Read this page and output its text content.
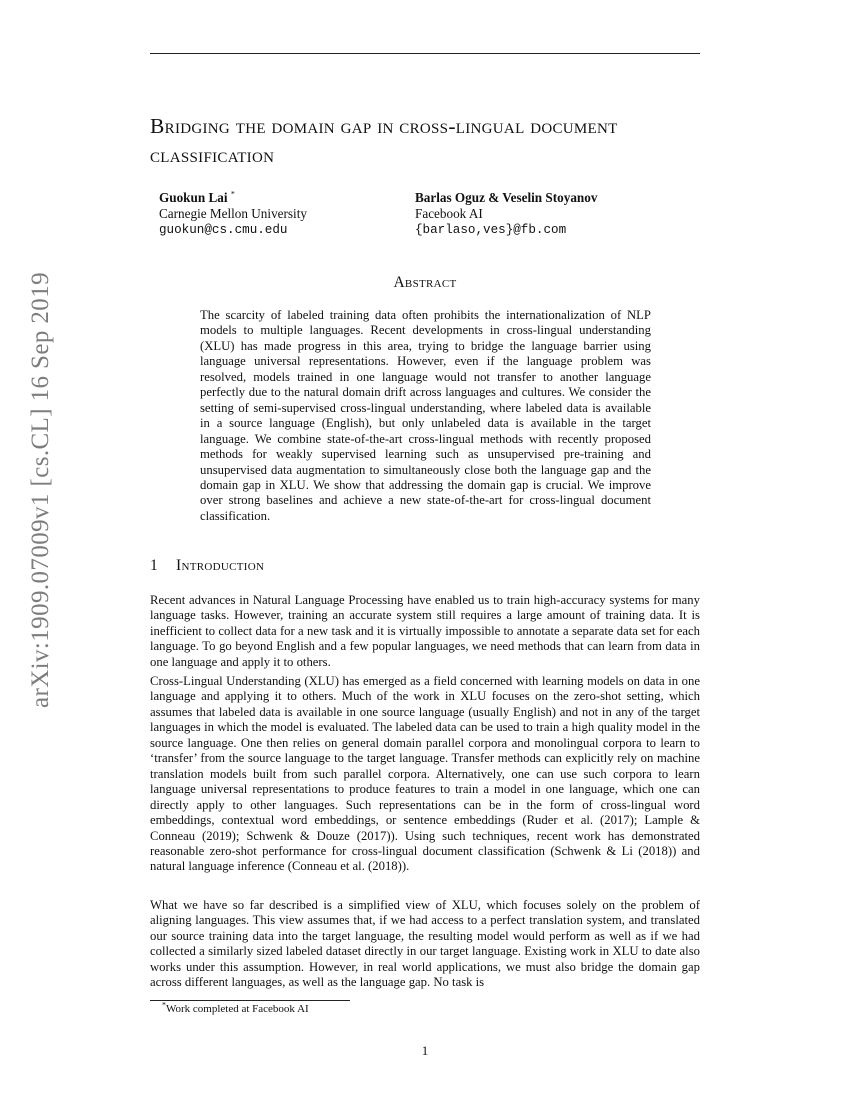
arXiv:1909.07009v1 [cs.CL] 16 Sep 2019
Bridging the domain gap in cross-lingual document classification
Guokun Lai *
Carnegie Mellon University
guokun@cs.cmu.edu
Barlas Oguz & Veselin Stoyanov
Facebook AI
{barlaso,ves}@fb.com
Abstract
The scarcity of labeled training data often prohibits the internationalization of NLP models to multiple languages. Recent developments in cross-lingual understanding (XLU) has made progress in this area, trying to bridge the language barrier using language universal representations. However, even if the language problem was resolved, models trained in one language would not transfer to another language perfectly due to the natural domain drift across languages and cultures. We consider the setting of semi-supervised cross-lingual understanding, where labeled data is available in a source language (English), but only unlabeled data is available in the target language. We combine state-of-the-art cross-lingual methods with recently proposed methods for weakly supervised learning such as unsupervised pre-training and unsupervised data augmentation to simultaneously close both the language gap and the domain gap in XLU. We show that addressing the domain gap is crucial. We improve over strong baselines and achieve a new state-of-the-art for cross-lingual document classification.
1 Introduction
Recent advances in Natural Language Processing have enabled us to train high-accuracy systems for many language tasks. However, training an accurate system still requires a large amount of training data. It is inefficient to collect data for a new task and it is virtually impossible to annotate a separate data set for each language. To go beyond English and a few popular languages, we need methods that can learn from data in one language and apply it to others.
Cross-Lingual Understanding (XLU) has emerged as a field concerned with learning models on data in one language and applying it to others. Much of the work in XLU focuses on the zero-shot setting, which assumes that labeled data is available in one source language (usually English) and not in any of the target languages in which the model is evaluated. The labeled data can be used to train a high quality model in the source language. One then relies on general domain parallel corpora and monolingual corpora to learn to ‘transfer’ from the source language to the target language. Transfer methods can explicitly rely on machine translation models built from such parallel corpora. Alternatively, one can use such corpora to learn language universal representations to produce features to train a model in one language, which one can directly apply to other languages. Such representations can be in the form of cross-lingual word embeddings, contextual word embeddings, or sentence embeddings (Ruder et al. (2017); Lample & Conneau (2019); Schwenk & Douze (2017)). Using such techniques, recent work has demonstrated reasonable zero-shot performance for cross-lingual document classification (Schwenk & Li (2018)) and natural language inference (Conneau et al. (2018)).
What we have so far described is a simplified view of XLU, which focuses solely on the problem of aligning languages. This view assumes that, if we had access to a perfect translation system, and translated our source training data into the target language, the resulting model would perform as well as if we had collected a similarly sized labeled dataset directly in our target language. Existing work in XLU to date also works under this assumption. However, in real world applications, we must also bridge the domain gap across different languages, as well as the language gap. No task is
*Work completed at Facebook AI
1
